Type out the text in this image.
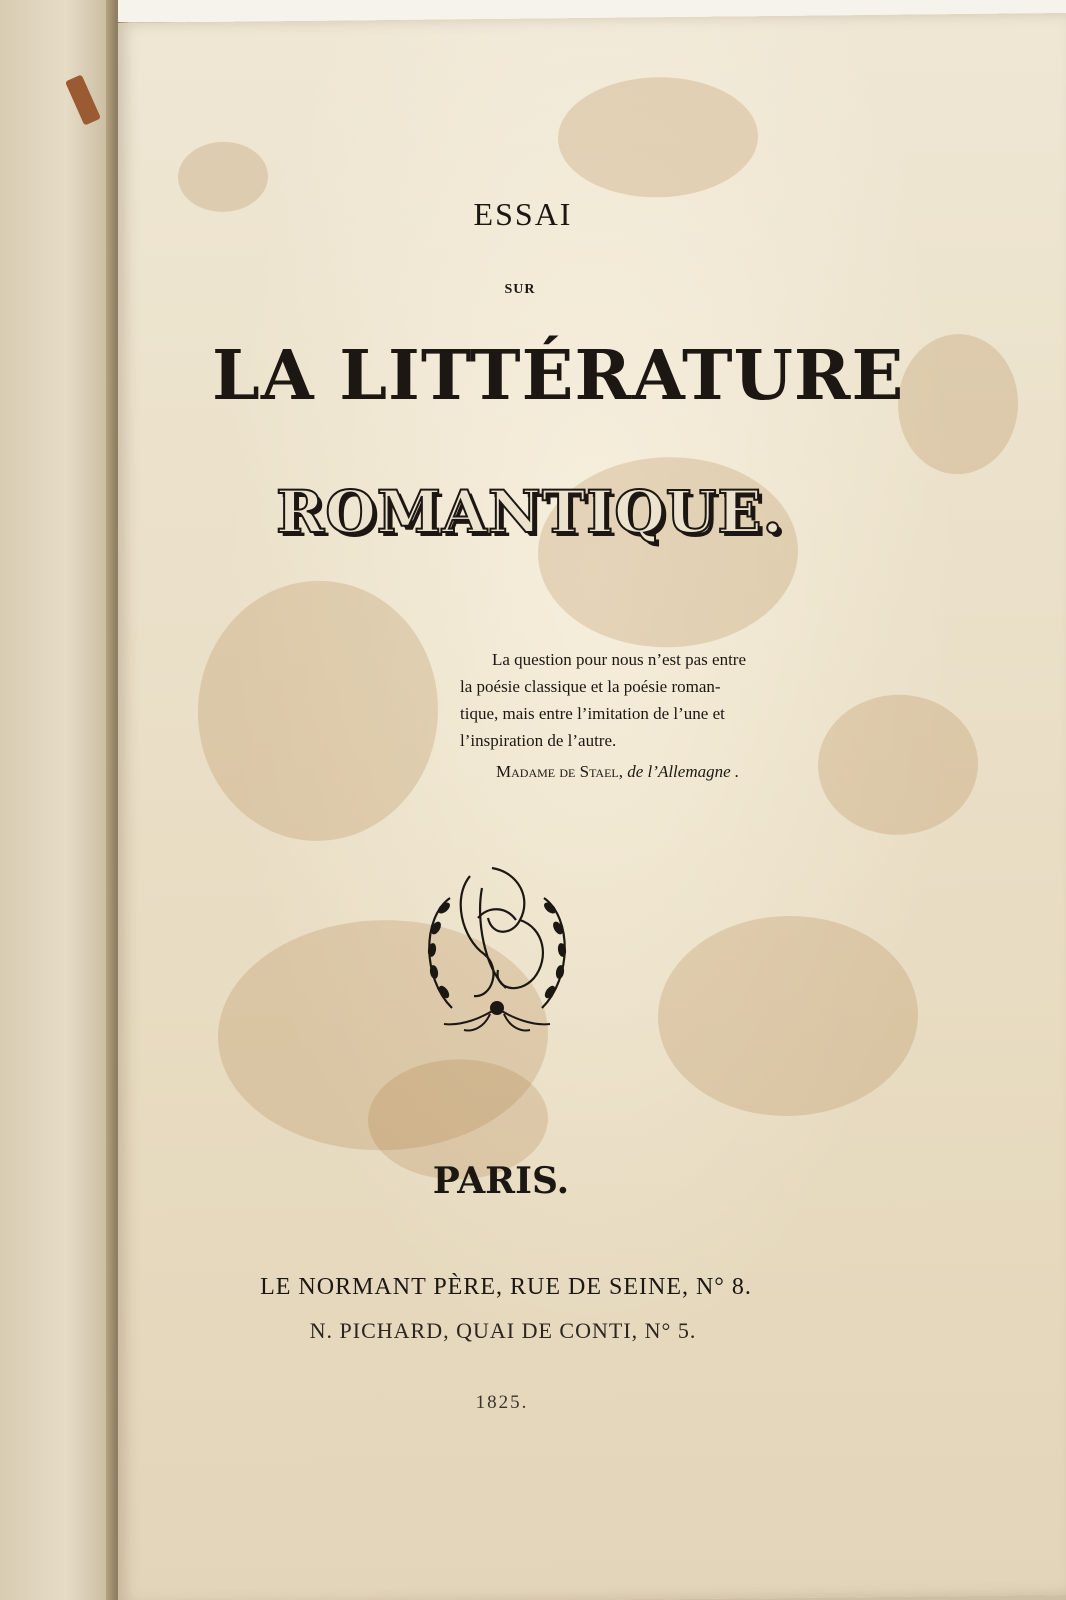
ESSAI
SUR
LA LITTÉRATURE
ROMANTIQUE.
La question pour nous n’est pas entre
la poésie classique et la poésie roman-
tique, mais entre l’imitation de l’une et
l’inspiration de l’autre.
Madame de Stael, de l’Allemagne .
PARIS.
LE NORMANT PÈRE, RUE DE SEINE, N° 8.
N. PICHARD, QUAI DE CONTI, N° 5.
1825.
